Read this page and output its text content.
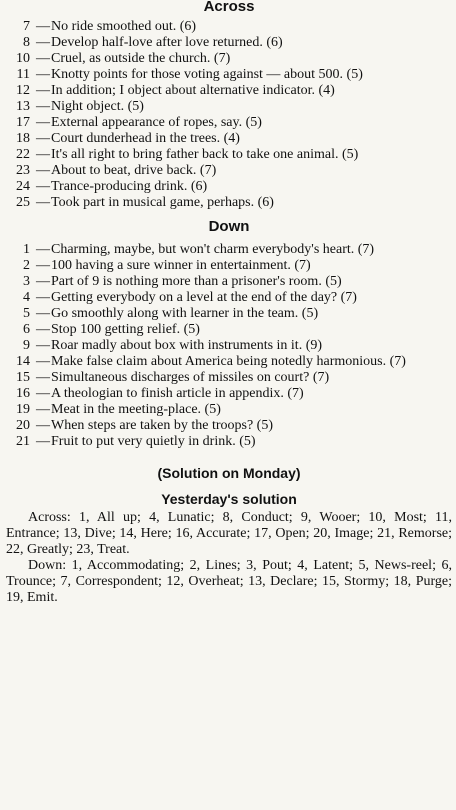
Across
7 —No ride smoothed out. (6)
8 —Develop half-love after love returned. (6)
10 —Cruel, as outside the church. (7)
11 —Knotty points for those voting against — about 500. (5)
12 —In addition; I object about alternative indicator. (4)
13 —Night object. (5)
17 —External appearance of ropes, say. (5)
18 —Court dunderhead in the trees. (4)
22 —It's all right to bring father back to take one animal. (5)
23 —About to beat, drive back. (7)
24 —Trance-producing drink. (6)
25 —Took part in musical game, perhaps. (6)
Down
1 —Charming, maybe, but won't charm everybody's heart. (7)
2 —100 having a sure winner in entertainment. (7)
3 —Part of 9 is nothing more than a prisoner's room. (5)
4 —Getting everybody on a level at the end of the day? (7)
5 —Go smoothly along with learner in the team. (5)
6 —Stop 100 getting relief. (5)
9 —Roar madly about box with instruments in it. (9)
14 —Make false claim about America being notedly harmonious. (7)
15 —Simultaneous discharges of missiles on court? (7)
16 —A theologian to finish article in appendix. (7)
19 —Meat in the meeting-place. (5)
20 —When steps are taken by the troops? (5)
21 —Fruit to put very quietly in drink. (5)
(Solution on Monday)
Yesterday's solution
Across: 1, All up; 4, Lunatic; 8, Conduct; 9, Wooer; 10, Most; 11, Entrance; 13, Dive; 14, Here; 16, Accurate; 17, Open; 20, Image; 21, Remorse; 22, Greatly; 23, Treat.
Down: 1, Accommodating; 2, Lines; 3, Pout; 4, Latent; 5, News-reel; 6, Trounce; 7, Correspondent; 12, Overheat; 13, Declare; 15, Stormy; 18, Purge; 19, Emit.
